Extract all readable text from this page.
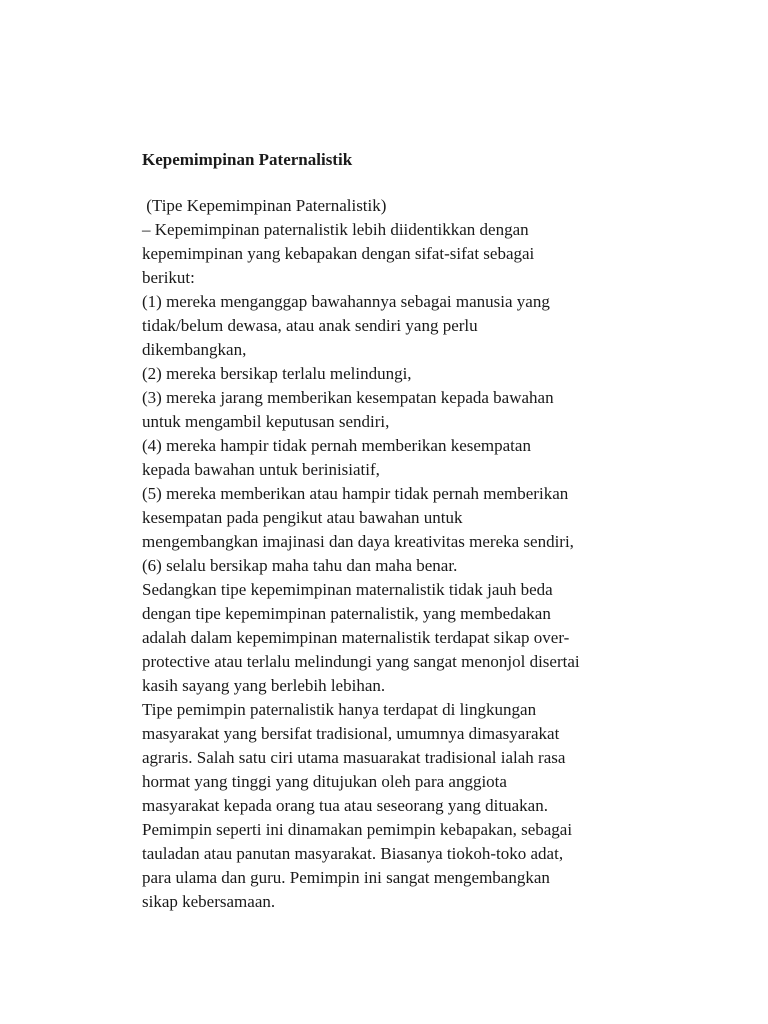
Kepemimpinan Paternalistik
(Tipe Kepemimpinan Paternalistik)
– Kepemimpinan paternalistik lebih diidentikkan dengan
kepemimpinan yang kebapakan dengan sifat-sifat sebagai
berikut:
(1) mereka menganggap bawahannya sebagai manusia yang
tidak/belum dewasa, atau anak sendiri yang perlu
dikembangkan,
(2) mereka bersikap terlalu melindungi,
(3) mereka jarang memberikan kesempatan kepada bawahan
untuk mengambil keputusan sendiri,
(4) mereka hampir tidak pernah memberikan kesempatan
kepada bawahan untuk berinisiatif,
(5) mereka memberikan atau hampir tidak pernah memberikan
kesempatan pada pengikut atau bawahan untuk
mengembangkan imajinasi dan daya kreativitas mereka sendiri,
(6) selalu bersikap maha tahu dan maha benar.
Sedangkan tipe kepemimpinan maternalistik tidak jauh beda
dengan tipe kepemimpinan paternalistik, yang membedakan
adalah dalam kepemimpinan maternalistik terdapat sikap over-
protective atau terlalu melindungi yang sangat menonjol disertai
kasih sayang yang berlebih lebihan.
Tipe pemimpin paternalistik hanya terdapat di lingkungan
masyarakat yang bersifat tradisional, umumnya dimasyarakat
agraris. Salah satu ciri utama masuarakat tradisional ialah rasa
hormat yang tinggi yang ditujukan oleh para anggiota
masyarakat kepada orang tua atau seseorang yang dituakan.
Pemimpin seperti ini dinamakan pemimpin kebapakan, sebagai
tauladan atau panutan masyarakat. Biasanya tiokoh-toko adat,
para ulama dan guru. Pemimpin ini sangat mengembangkan
sikap kebersamaan.
